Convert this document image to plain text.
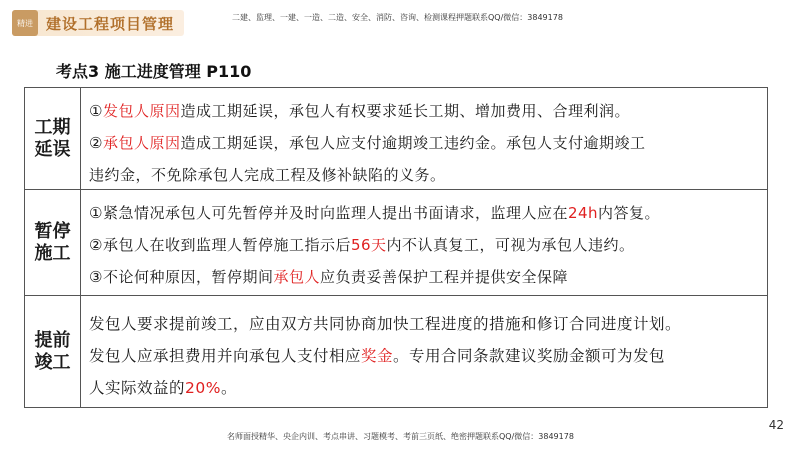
精进 建设工程项目管理	二建、监理、一建、一造、二造、安全、消防、咨询、检测课程押题联系QQ/微信：3849178
考点3 施工进度管理 P110
工期延误
①发包人原因造成工期延误，承包人有权要求延长工期、增加费用、合理利润。
②承包人原因造成工期延误，承包人应支付逾期竣工违约金。承包人支付逾期竣工
违约金，不免除承包人完成工程及修补缺陷的义务。
暂停施工
①紧急情况承包人可先暂停并及时向监理人提出书面请求，监理人应在24h内答复。
②承包人在收到监理人暂停施工指示后56天内不认真复工，可视为承包人违约。
③不论何种原因，暂停期间承包人应负责妥善保护工程并提供安全保障
提前竣工
发包人要求提前竣工，应由双方共同协商加快工程进度的措施和修订合同进度计划。
发包人应承担费用并向承包人支付相应奖金。专用合同条款建议奖励金额可为发包
人实际效益的20%。
42
名师面授精华、央企内训、考点串讲、习题模考、考前三页纸、绝密押题联系QQ/微信：3849178
